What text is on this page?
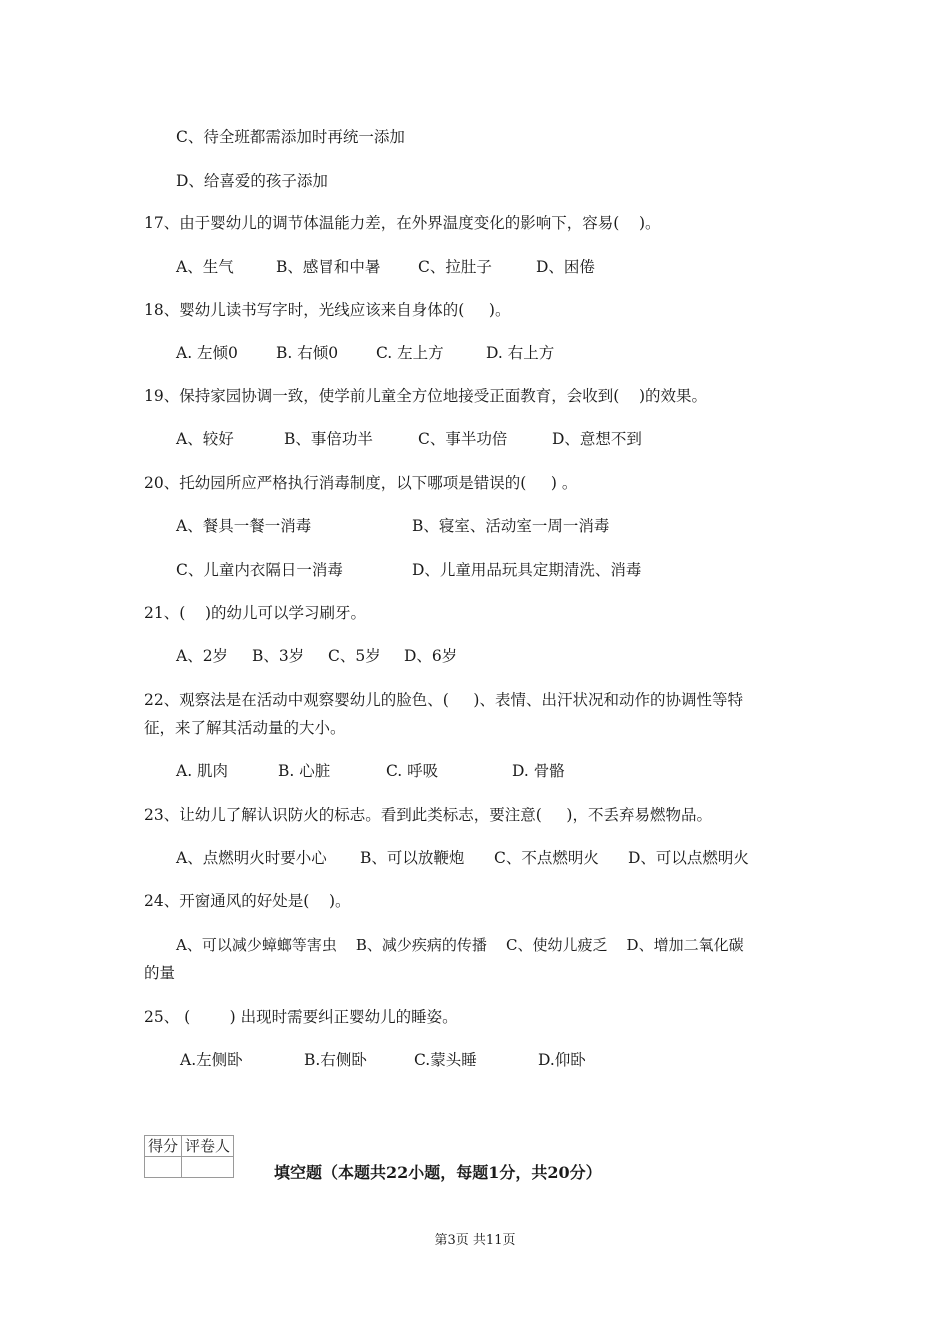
C、待全班都需添加时再统一添加
D、给喜爱的孩子添加
17、由于婴幼儿的调节体温能力差，在外界温度变化的影响下，容易(    )。
A、生气	B、感冒和中暑 C、拉肚子	D、困倦
18、婴幼儿读书写字时，光线应该来自身体的(     )。
A. 左倾0 B. 右倾0 C. 左上方	D. 右上方
19、保持家园协调一致，使学前儿童全方位地接受正面教育，会收到(    )的效果。
A、较好	B、事倍功半	C、事半功倍	D、意想不到
20、托幼园所应严格执行消毒制度，以下哪项是错误的(     ) 。
A、餐具一餐一消毒	B、寝室、活动室一周一消毒
C、儿童内衣隔日一消毒	D、儿童用品玩具定期清洗、消毒
21、(    )的幼儿可以学习刷牙。
A、2岁 B、3岁 C、5岁 D、6岁
22、观察法是在活动中观察婴幼儿的脸色、(     )、表情、出汗状况和动作的协调性等特
征，来了解其活动量的大小。
A. 肌肉	B. 心脏	C. 呼吸	D. 骨骼
23、让幼儿了解认识防火的标志。看到此类标志，要注意(     )，不丢弃易燃物品。
A、点燃明火时要小心 B、可以放鞭炮 C、不点燃明火 D、可以点燃明火
24、开窗通风的好处是(    )。
A、可以减少蟑螂等害虫    B、减少疾病的传播    C、使幼儿疲乏    D、增加二氧化碳
的量
25、 (        ) 出现时需要纠正婴幼儿的睡姿。
A.左侧卧	B.右侧卧	C.蒙头睡	D.仰卧
得分	评卷人

填空题（本题共22小题，每题1分，共20分）
第3页 共11页
